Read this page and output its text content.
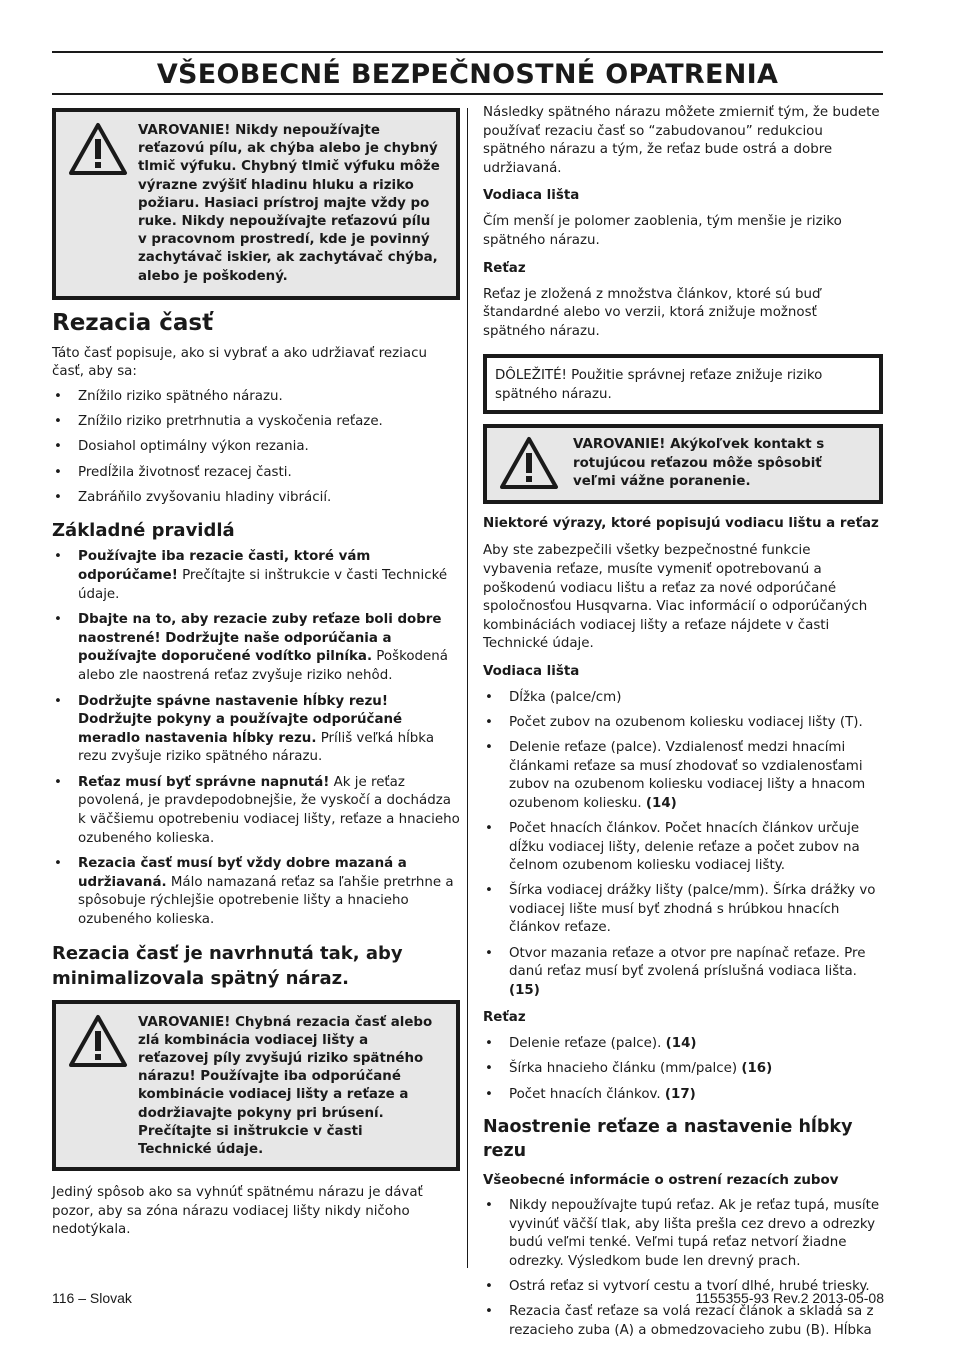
VŠEOBECNÉ BEZPEČNOSTNÉ OPATRENIA
VAROVANIE! Nikdy nepoužívajte reťazovú pílu, ak chýba alebo je chybný tlmič výfuku. Chybný tlmič výfuku môže výrazne zvýšiť hladinu hluku a riziko požiaru. Hasiaci prístroj majte vždy po ruke. Nikdy nepoužívajte reťazovú pílu v pracovnom prostredí, kde je povinný zachytávač iskier, ak zachytávač chýba, alebo je poškodený.
Rezacia časť

Táto časť popisuje, ako si vybrať a ako udržiavať reziacu časť, aby sa:

• Znížilo riziko spätného nárazu.
• Znížilo riziko pretrhnutia a vyskočenia reťaze.
• Dosiahol optimálny výkon rezania.
• Predĺžila životnosť rezacej časti.
• Zabráňilo zvyšovaniu hladiny vibrácií.
Základné pravidlá
• Používajte iba rezacie časti, ktoré vám odporúčame! Prečítajte si inštrukcie v časti Technické údaje.
• Dbajte na to, aby rezacie zuby reťaze boli dobre naostrené! Dodržujte naše odporúčania a používajte doporučené vodítko pilníka. Poškodená alebo zle naostrená reťaz zvyšuje riziko nehôd.
• Dodržujte spávne nastavenie hĺbky rezu! Dodržujte pokyny a používajte odporúčané meradlo nastavenia hĺbky rezu. Príliš veľká hĺbka rezu zvyšuje riziko spätného nárazu.
• Reťaz musí byť správne napnutá! Ak je reťaz povolená, je pravdepodobnejšie, že vyskočí a dochádza k väčšiemu opotrebeniu vodiacej lišty, reťaze a hnacieho ozubeného kolieska.
• Rezacia časť musí byť vždy dobre mazaná a udržiavaná. Málo namazaná reťaz sa ľahšie pretrhne a spôsobuje rýchlejšie opotrebenie lišty a hnacieho ozubeného kolieska.
Rezacia časť je navrhnutá tak, aby minimalizovala spätný náraz.
VAROVANIE! Chybná rezacia časť alebo zlá kombinácia vodiacej lišty a reťazovej píly zvyšujú riziko spätného nárazu! Používajte iba odporúčané kombinácie vodiacej lišty a reťaze a dodržiavajte pokyny pri brúsení. Prečítajte si inštrukcie v časti Technické údaje.

Jediný spôsob ako sa vyhnúť spätnému nárazu je dávať pozor, aby sa zóna nárazu vodiacej lišty nikdy ničoho nedotýkala.

Následky spätného nárazu môžete zmierniť tým, že budete používať rezaciu časť so “zabudovanou” redukciou spätného nárazu a tým, že reťaz bude ostrá a dobre udržiavaná.

Vodiaca lišta

Čím menší je polomer zaoblenia, tým menšie je riziko spätného nárazu.

Reťaz

Reťaz je zložená z množstva článkov, ktoré sú buď štandardné alebo vo verzii, ktorá znižuje možnosť spätného nárazu.

DÔLEŽITÉ! Použitie správnej reťaze znižuje riziko spätného nárazu.
VAROVANIE! Akýkoľvek kontakt s rotujúcou reťazou môže spôsobiť veľmi vážne poranenie.
Niektoré výrazy, ktoré popisujú vodiacu lištu a reťaz

Aby ste zabezpečili všetky bezpečnostné funkcie vybavenia reťaze, musíte vymeniť opotrebovanú a poškodenú vodiacu lištu a reťaz za nové odporúčané spoločnosťou Husqvarna. Viac informácií o odporúčaných kombináciách vodiacej lišty a reťaze nájdete v časti Technické údaje.

Vodiaca lišta
• Dĺžka (palce/cm)
• Počet zubov na ozubenom koliesku vodiacej lišty (T).
• Delenie reťaze (palce). Vzdialenosť medzi hnacími článkami reťaze sa musí zhodovať so vzdialenosťami zubov na ozubenom koliesku vodiacej lišty a hnacom ozubenom koliesku. (14)
• Počet hnacích článkov. Počet hnacích článkov určuje dĺžku vodiacej lišty, delenie reťaze a počet zubov na čelnom ozubenom koliesku vodiacej lišty.
• Šírka vodiacej drážky lišty (palce/mm). Šírka drážky vo vodiacej lište musí byť zhodná s hrúbkou hnacích článkov reťaze.
• Otvor mazania reťaze a otvor pre napínač reťaze. Pre danú reťaz musí byť zvolená príslušná vodiaca lišta. (15)
Reťaz
• Delenie reťaze (palce). (14)
• Šírka hnacieho článku (mm/palce) (16)
• Počet hnacích článkov. (17)
Naostrenie reťaze a nastavenie hĺbky rezu
Všeobecné informácie o ostrení rezacích zubov
• Nikdy nepoužívajte tupú reťaz. Ak je reťaz tupá, musíte vyvinúť väčší tlak, aby lišta prešla cez drevo a odrezky budú veľmi tenké. Veľmi tupá reťaz netvorí žiadne odrezky. Výsledkom bude len drevný prach.
• Ostrá reťaz si vytvorí cestu a tvorí dlhé, hrubé triesky.
• Rezacia časť reťaze sa volá rezací článok a skladá sa z rezacieho zuba (A) a obmedzovacieho zubu (B). Hĺbka
116 – Slovak	1155355-93 Rev.2 2013-05-08
